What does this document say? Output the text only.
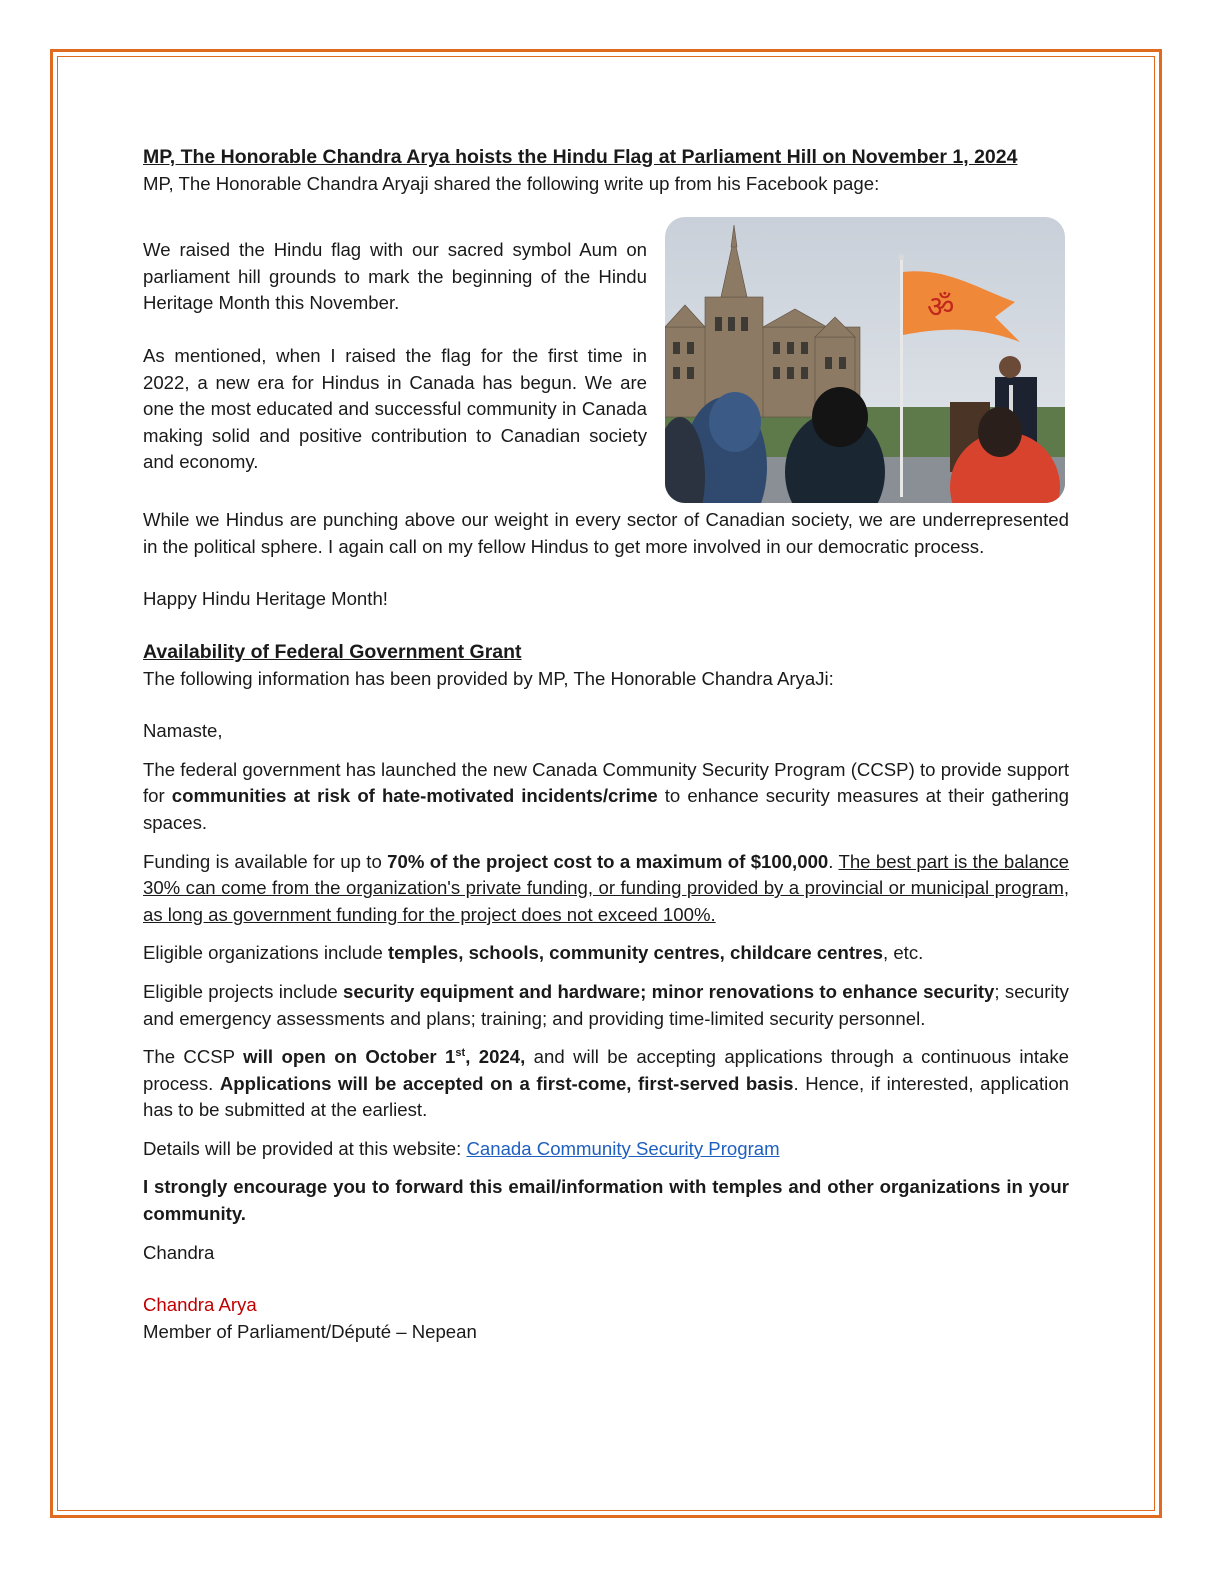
MP, The Honorable Chandra Arya hoists the Hindu Flag at Parliament Hill on November 1, 2024

MP, The Honorable Chandra Aryaji shared the following write up from his Facebook page:

We raised the Hindu flag with our sacred symbol Aum on parliament hill grounds to mark the beginning of the Hindu Heritage Month this November.

As mentioned, when I raised the flag for the first time in 2022, a new era for Hindus in Canada has begun. We are one the most educated and successful community in Canada making solid and positive contribution to Canadian society and economy.

ॐ

While we Hindus are punching above our weight in every sector of Canadian society, we are underrepresented in the political sphere. I again call on my fellow Hindus to get more involved in our democratic process.

Happy Hindu Heritage Month!

Availability of Federal Government Grant

The following information has been provided by MP, The Honorable Chandra AryaJi:

Namaste,

The federal government has launched the new Canada Community Security Program (CCSP) to provide support for communities at risk of hate-motivated incidents/crime to enhance security measures at their gathering spaces.

Funding is available for up to 70% of the project cost to a maximum of $100,000. The best part is the balance 30% can come from the organization's private funding, or funding provided by a provincial or municipal program, as long as government funding for the project does not exceed 100%.

Eligible organizations include temples, schools, community centres, childcare centres, etc.

Eligible projects include security equipment and hardware; minor renovations to enhance security; security and emergency assessments and plans; training; and providing time-limited security personnel.

The CCSP will open on October 1st, 2024, and will be accepting applications through a continuous intake process. Applications will be accepted on a first-come, first-served basis. Hence, if interested, application has to be submitted at the earliest.

Details will be provided at this website: Canada Community Security Program

I strongly encourage you to forward this email/information with temples and other organizations in your community.

Chandra

Chandra Arya

Member of Parliament/Député – Nepean
